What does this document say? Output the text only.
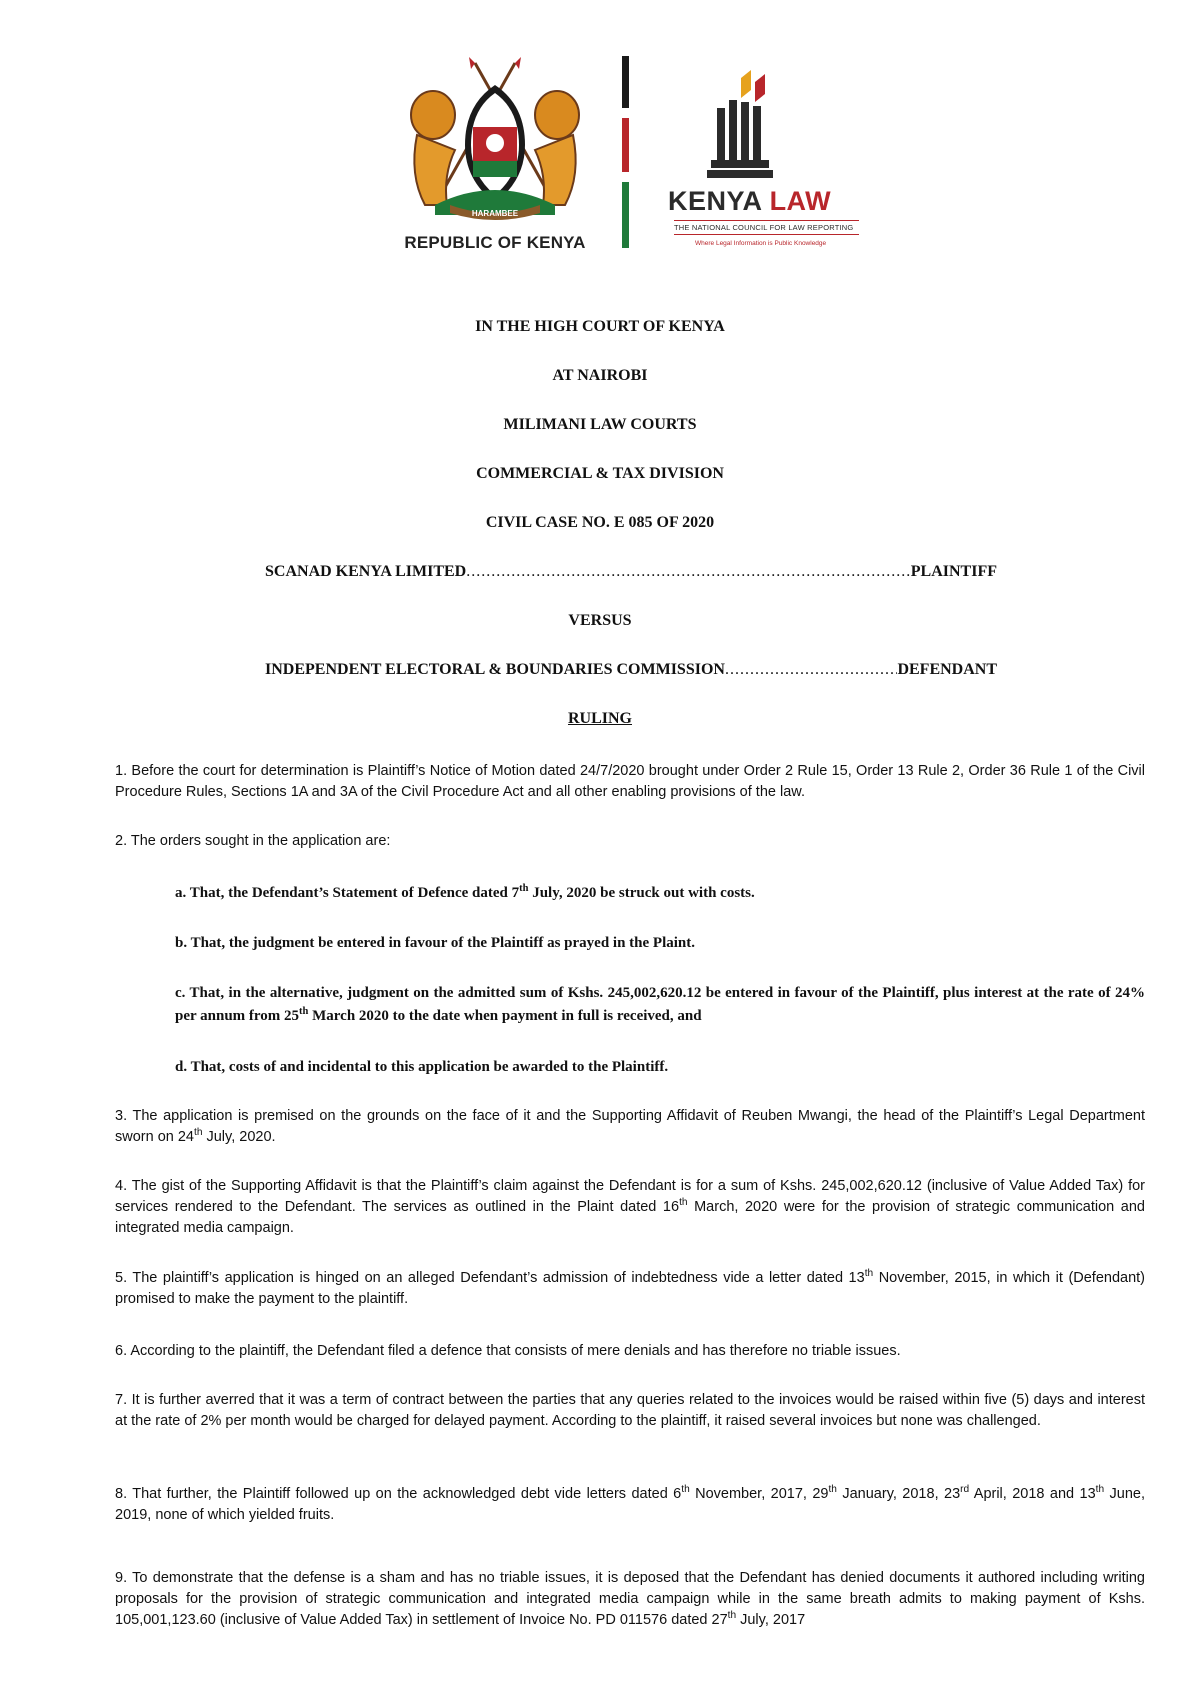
HARAMBEE
REPUBLIC OF KENYA
KENYA LAW
THE NATIONAL COUNCIL FOR LAW REPORTING
Where Legal Information is Public Knowledge
IN THE HIGH COURT OF KENYA
AT NAIROBI
MILIMANI LAW COURTS
COMMERCIAL & TAX DIVISION
CIVIL CASE NO. E 085 OF 2020
SCANAD KENYA LIMITED .....	PLAINTIFF
VERSUS
INDEPENDENT ELECTORAL & BOUNDARIES COMMISSION .....	DEFENDANT
RULING
1. Before the court for determination is Plaintiff’s Notice of Motion dated 24/7/2020 brought under Order 2 Rule 15, Order 13 Rule 2, Order 36 Rule 1 of the Civil Procedure Rules, Sections 1A and 3A of the Civil Procedure Act and all other enabling provisions of the law.
2. The orders sought in the application are:
a. That, the Defendant’s Statement of Defence dated 7th July, 2020 be struck out with costs.
b. That, the judgment be entered in favour of the Plaintiff as prayed in the Plaint.
c. That, in the alternative, judgment on the admitted sum of Kshs. 245,002,620.12 be entered in favour of the Plaintiff, plus interest at the rate of 24% per annum from 25th March 2020 to the date when payment in full is received, and
d. That, costs of and incidental to this application be awarded to the Plaintiff.
3. The application is premised on the grounds on the face of it and the Supporting Affidavit of Reuben Mwangi, the head of the Plaintiff’s Legal Department sworn on 24th July, 2020.
4. The gist of the Supporting Affidavit is that the Plaintiff’s claim against the Defendant is for a sum of Kshs. 245,002,620.12 (inclusive of Value Added Tax) for services rendered to the Defendant. The services as outlined in the Plaint dated 16th March, 2020 were for the provision of strategic communication and integrated media campaign.
5. The plaintiff’s application is hinged on an alleged Defendant’s admission of indebtedness vide a letter dated 13th November, 2015, in which it (Defendant) promised to make the payment to the plaintiff.
6. According to the plaintiff, the Defendant filed a defence that consists of mere denials and has therefore no triable issues.
7. It is further averred that it was a term of contract between the parties that any queries related to the invoices would be raised within five (5) days and interest at the rate of 2% per month would be charged for delayed payment. According to the plaintiff, it raised several invoices but none was challenged.
8. That further, the Plaintiff followed up on the acknowledged debt vide letters dated 6th November, 2017, 29th January, 2018, 23rd April, 2018 and 13th June, 2019, none of which yielded fruits.
9. To demonstrate that the defense is a sham and has no triable issues, it is deposed that the Defendant has denied documents it authored including writing proposals for the provision of strategic communication and integrated media campaign while in the same breath admits to making payment of Kshs. 105,001,123.60 (inclusive of Value Added Tax) in settlement of Invoice No. PD 011576 dated 27th July, 2017
